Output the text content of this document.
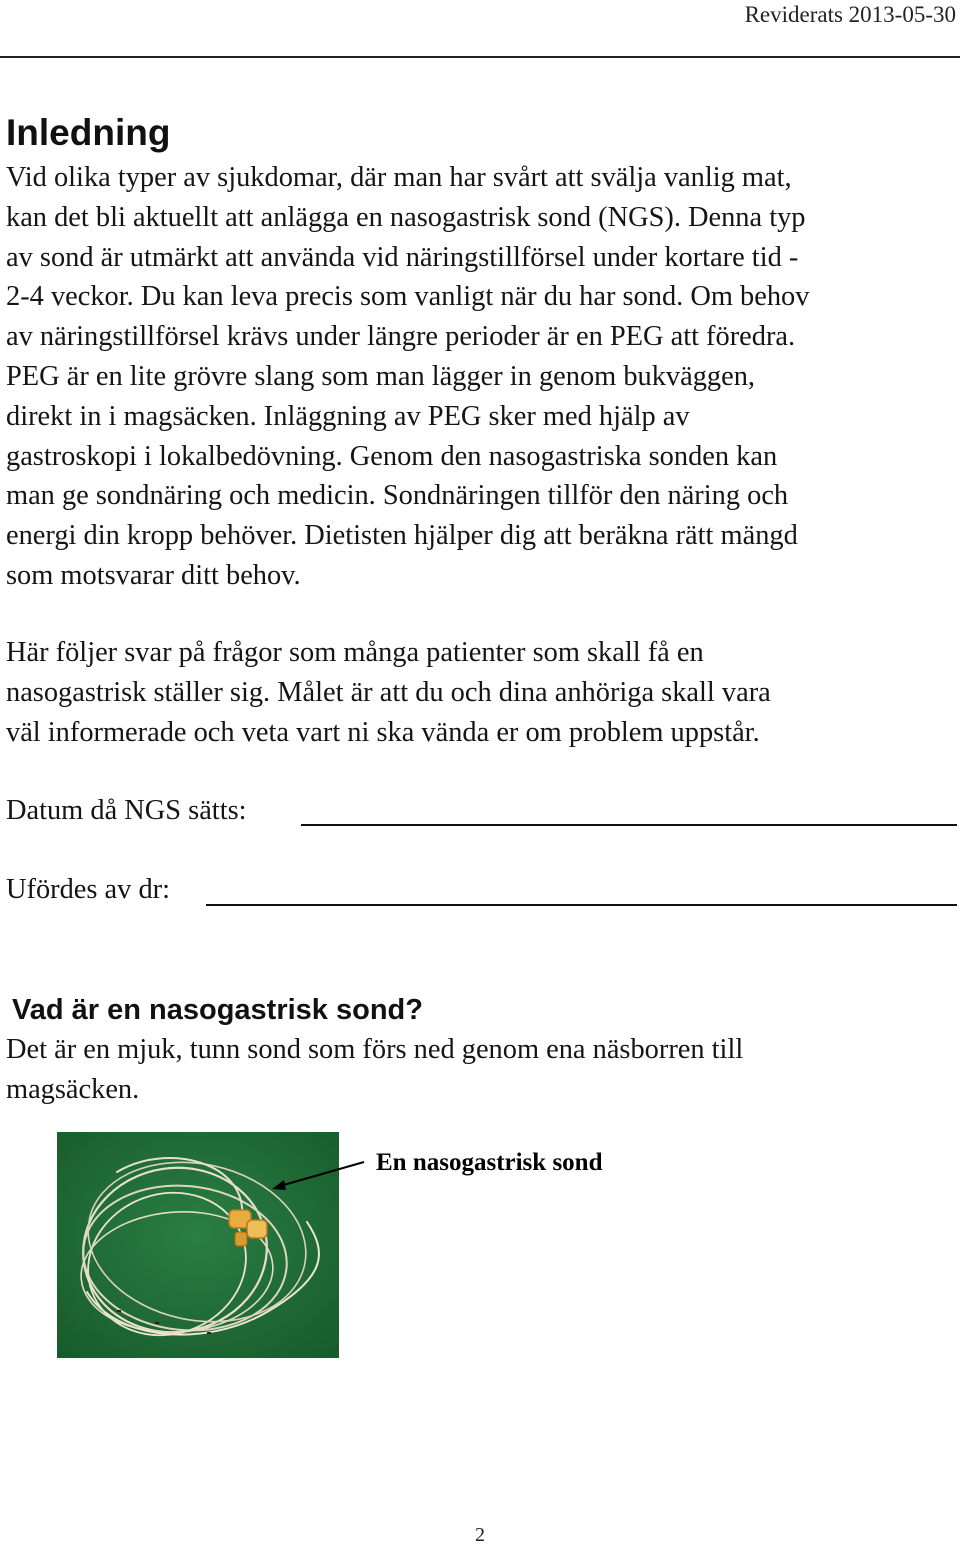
Reviderats 2013-05-30
Inledning
Vid olika typer av sjukdomar, där man har svårt att svälja vanlig mat,
kan det bli aktuellt att anlägga en nasogastrisk sond (NGS). Denna typ
av sond är utmärkt att använda vid näringstillförsel under kortare tid -
2-4 veckor. Du kan leva precis som vanligt när du har sond. Om behov
av näringstillförsel krävs under längre perioder är en PEG att föredra.
PEG är en lite grövre slang som man lägger in genom bukväggen,
direkt in i magsäcken. Inläggning av PEG sker med hjälp av
gastroskopi i lokalbedövning. Genom den nasogastriska sonden kan
man ge sondnäring och medicin. Sondnäringen tillför den näring och
energi din kropp behöver. Dietisten hjälper dig att beräkna rätt mängd
som motsvarar ditt behov.
Här följer svar på frågor som många patienter som skall få en
nasogastrisk ställer sig. Målet är att du och dina anhöriga skall vara
väl informerade och veta vart ni ska vända er om problem uppstår.
Datum då NGS sätts:
Ufördes av dr:
Vad är en nasogastrisk sond?
Det är en mjuk, tunn sond som förs ned genom ena näsborren till
magsäcken.
En nasogastrisk sond
2
